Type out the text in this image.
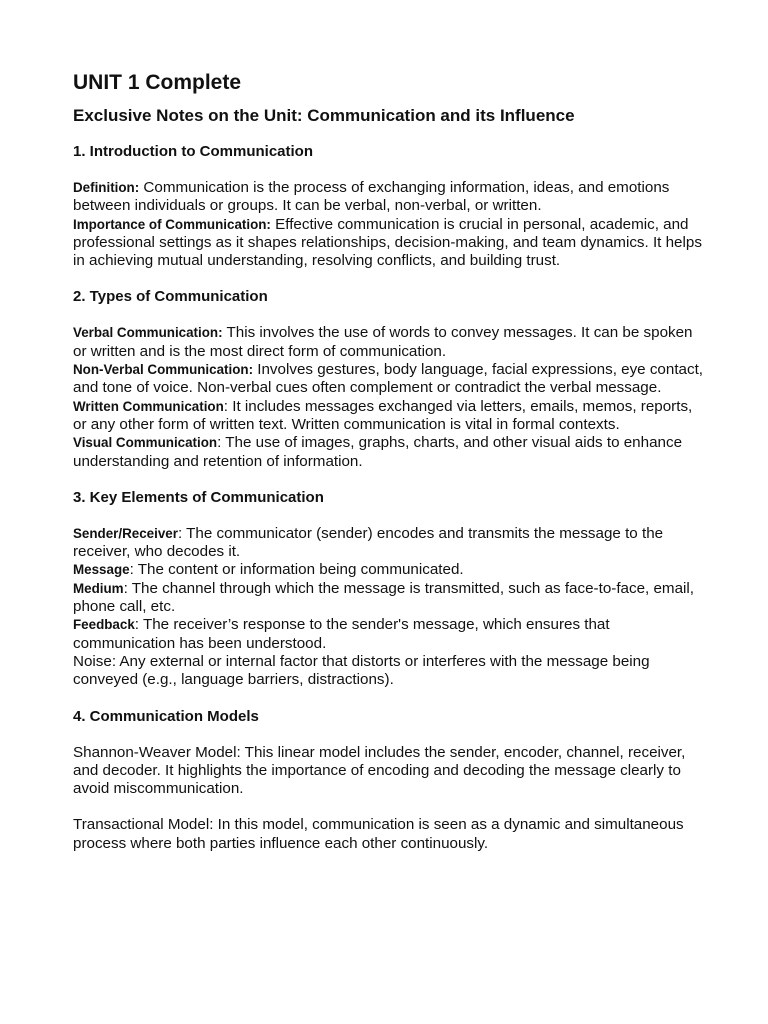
UNIT 1 Complete
Exclusive Notes on the Unit: Communication and its Influence
1. Introduction to Communication

Definition: Communication is the process of exchanging information, ideas, and emotions between individuals or groups. It can be verbal, non-verbal, or written.

Importance of Communication: Effective communication is crucial in personal, academic, and professional settings as it shapes relationships, decision-making, and team dynamics. It helps in achieving mutual understanding, resolving conflicts, and building trust.

2. Types of Communication

Verbal Communication: This involves the use of words to convey messages. It can be spoken or written and is the most direct form of communication.

Non-Verbal Communication: Involves gestures, body language, facial expressions, eye contact, and tone of voice. Non-verbal cues often complement or contradict the verbal message.

Written Communication: It includes messages exchanged via letters, emails, memos, reports, or any other form of written text. Written communication is vital in formal contexts.

Visual Communication: The use of images, graphs, charts, and other visual aids to enhance understanding and retention of information.

3. Key Elements of Communication

Sender/Receiver: The communicator (sender) encodes and transmits the message to the receiver, who decodes it.

Message: The content or information being communicated.

Medium: The channel through which the message is transmitted, such as face-to-face, email, phone call, etc.

Feedback: The receiver’s response to the sender's message, which ensures that communication has been understood.

Noise: Any external or internal factor that distorts or interferes with the message being conveyed (e.g., language barriers, distractions).

4. Communication Models

Shannon-Weaver Model: This linear model includes the sender, encoder, channel, receiver, and decoder. It highlights the importance of encoding and decoding the message clearly to avoid miscommunication.

Transactional Model: In this model, communication is seen as a dynamic and simultaneous process where both parties influence each other continuously.
